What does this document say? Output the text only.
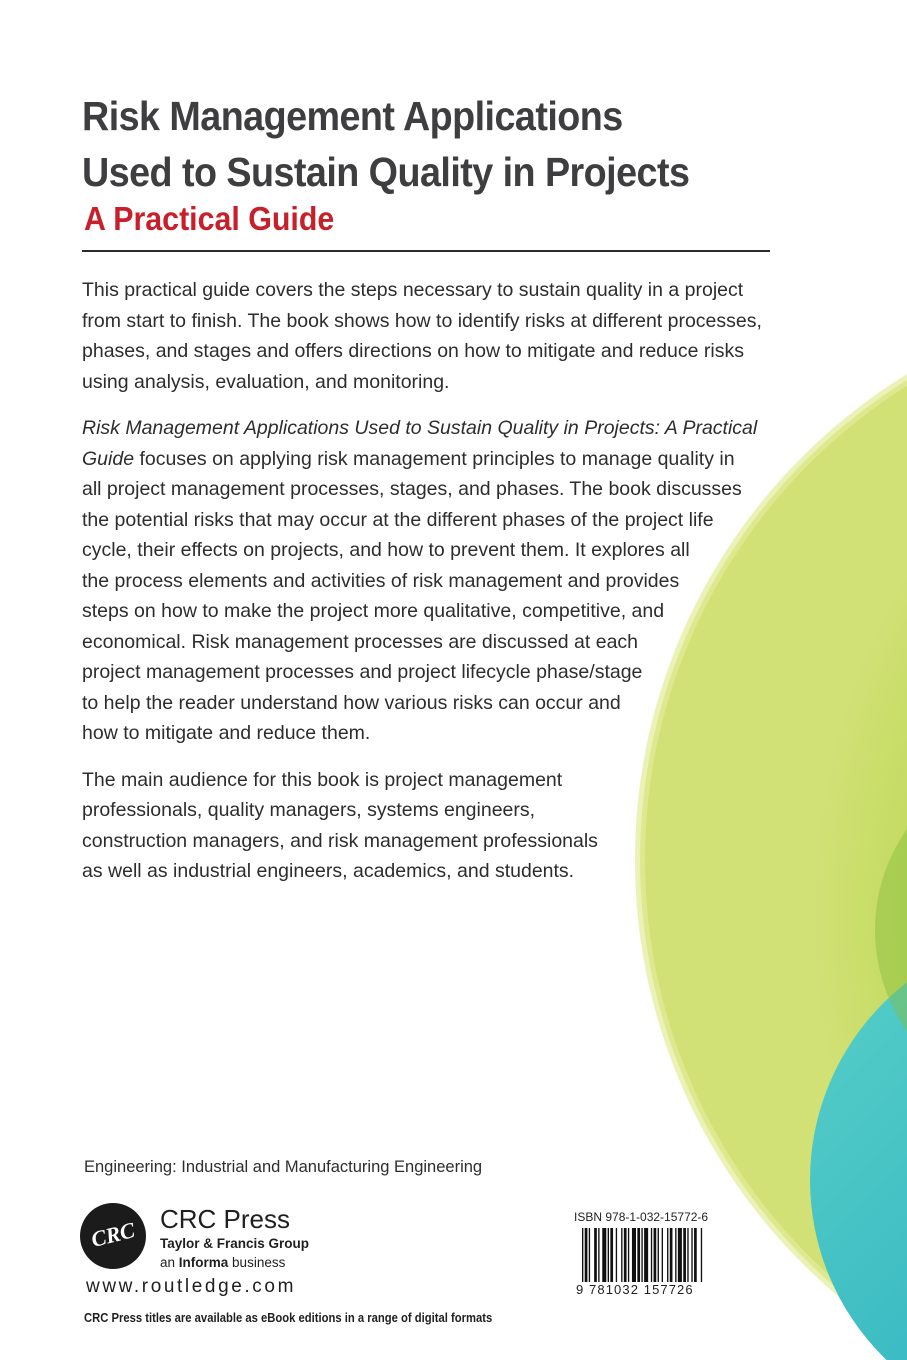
Risk Management Applications
Used to Sustain Quality in Projects
A Practical Guide

This practical guide covers the steps necessary to sustain quality in a project
from start to finish. The book shows how to identify risks at different processes,
phases, and stages and offers directions on how to mitigate and reduce risks
using analysis, evaluation, and monitoring.

Risk Management Applications Used to Sustain Quality in Projects: A Practical
Guide focuses on applying risk management principles to manage quality in
all project management processes, stages, and phases. The book discusses
the potential risks that may occur at the different phases of the project life
cycle, their effects on projects, and how to prevent them. It explores all
the process elements and activities of risk management and provides
steps on how to make the project more qualitative, competitive, and
economical. Risk management processes are discussed at each
project management processes and project lifecycle phase/stage
to help the reader understand how various risks can occur and
how to mitigate and reduce them.

The main audience for this book is project management
professionals, quality managers, systems engineers,
construction managers, and risk management professionals
as well as industrial engineers, academics, and students.

Engineering: Industrial and Manufacturing Engineering
CRC CRC Press
Taylor & Francis Group
an Informa business
www.routledge.com
CRC Press titles are available as eBook editions in a range of digital formats
ISBN 978-1-032-15772-6
9 781032 157726
